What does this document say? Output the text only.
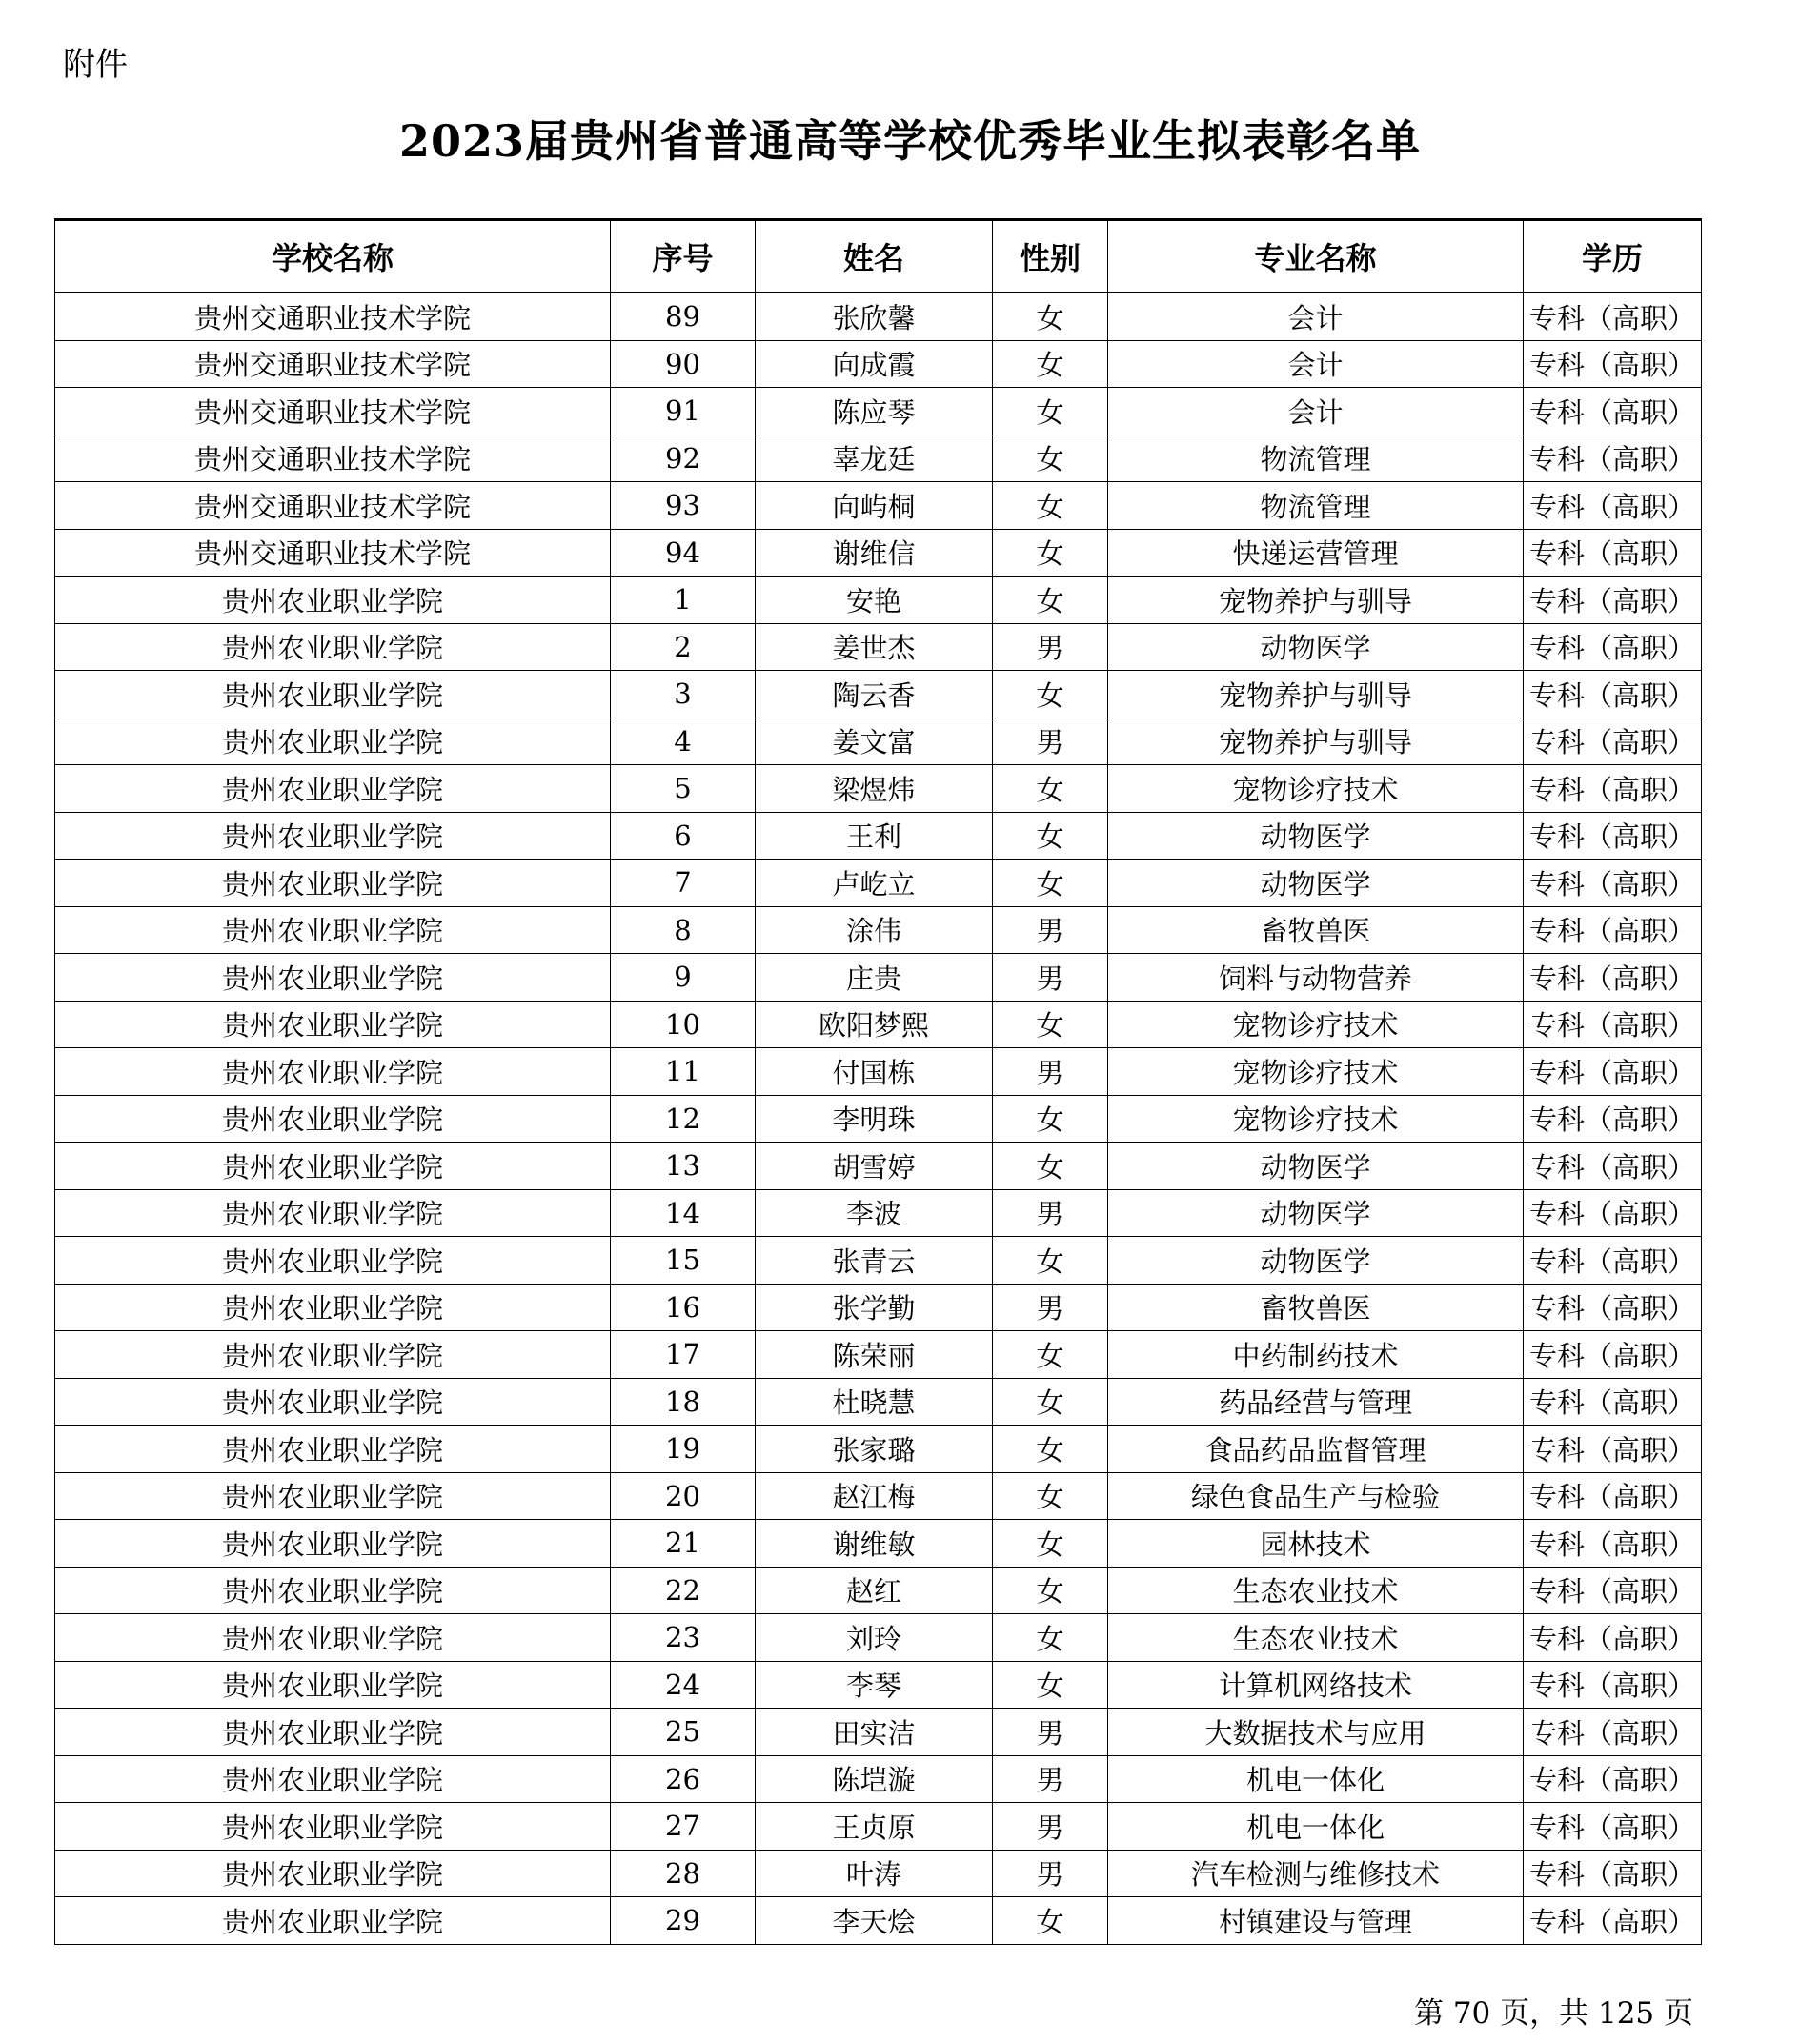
附件
2023届贵州省普通高等学校优秀毕业生拟表彰名单
学校名称	序号	姓名	性别	专业名称	学历
贵州交通职业技术学院	89	张欣馨	女	会计	专科（高职）
贵州交通职业技术学院	90	向成霞	女	会计	专科（高职）
贵州交通职业技术学院	91	陈应琴	女	会计	专科（高职）
贵州交通职业技术学院	92	辜龙廷	女	物流管理	专科（高职）
贵州交通职业技术学院	93	向屿桐	女	物流管理	专科（高职）
贵州交通职业技术学院	94	谢维信	女	快递运营管理	专科（高职）
贵州农业职业学院	1	安艳	女	宠物养护与驯导	专科（高职）
贵州农业职业学院	2	姜世杰	男	动物医学	专科（高职）
贵州农业职业学院	3	陶云香	女	宠物养护与驯导	专科（高职）
贵州农业职业学院	4	姜文富	男	宠物养护与驯导	专科（高职）
贵州农业职业学院	5	梁煜炜	女	宠物诊疗技术	专科（高职）
贵州农业职业学院	6	王利	女	动物医学	专科（高职）
贵州农业职业学院	7	卢屹立	女	动物医学	专科（高职）
贵州农业职业学院	8	涂伟	男	畜牧兽医	专科（高职）
贵州农业职业学院	9	庄贵	男	饲料与动物营养	专科（高职）
贵州农业职业学院	10	欧阳梦熙	女	宠物诊疗技术	专科（高职）
贵州农业职业学院	11	付国栋	男	宠物诊疗技术	专科（高职）
贵州农业职业学院	12	李明珠	女	宠物诊疗技术	专科（高职）
贵州农业职业学院	13	胡雪婷	女	动物医学	专科（高职）
贵州农业职业学院	14	李波	男	动物医学	专科（高职）
贵州农业职业学院	15	张青云	女	动物医学	专科（高职）
贵州农业职业学院	16	张学勤	男	畜牧兽医	专科（高职）
贵州农业职业学院	17	陈荣丽	女	中药制药技术	专科（高职）
贵州农业职业学院	18	杜晓慧	女	药品经营与管理	专科（高职）
贵州农业职业学院	19	张家璐	女	食品药品监督管理	专科（高职）
贵州农业职业学院	20	赵江梅	女	绿色食品生产与检验	专科（高职）
贵州农业职业学院	21	谢维敏	女	园林技术	专科（高职）
贵州农业职业学院	22	赵红	女	生态农业技术	专科（高职）
贵州农业职业学院	23	刘玲	女	生态农业技术	专科（高职）
贵州农业职业学院	24	李琴	女	计算机网络技术	专科（高职）
贵州农业职业学院	25	田实洁	男	大数据技术与应用	专科（高职）
贵州农业职业学院	26	陈垲漩	男	机电一体化	专科（高职）
贵州农业职业学院	27	王贞原	男	机电一体化	专科（高职）
贵州农业职业学院	28	叶涛	男	汽车检测与维修技术	专科（高职）
贵州农业职业学院	29	李天烩	女	村镇建设与管理	专科（高职）
第 70 页，共 125 页
